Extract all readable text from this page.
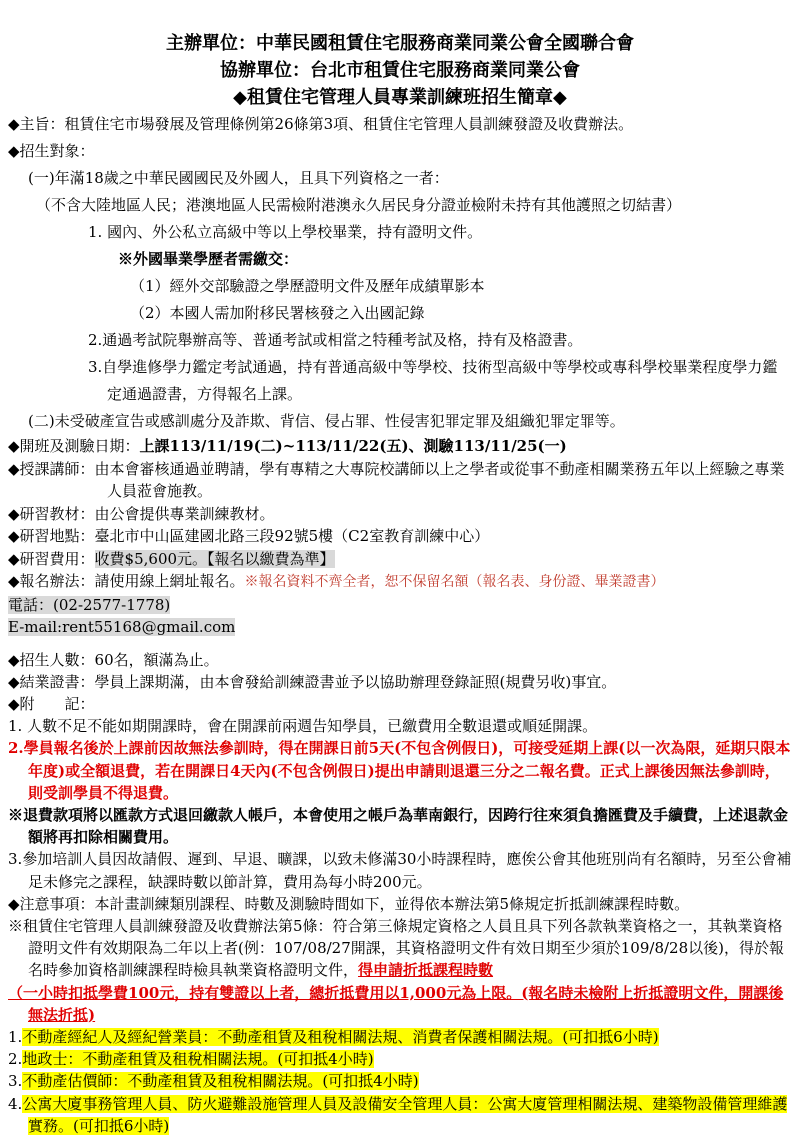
主辦單位：中華民國租賃住宅服務商業同業公會全國聯合會
協辦單位：台北市租賃住宅服務商業同業公會
◆租賃住宅管理人員專業訓練班招生簡章◆

◆主旨：租賃住宅市場發展及管理條例第26條第3項、租賃住宅管理人員訓練發證及收費辦法。

◆招生對象：

(一)年滿18歲之中華民國國民及外國人，且具下列資格之一者：

（不含大陸地區人民；港澳地區人民需檢附港澳永久居民身分證並檢附未持有其他護照之切結書）

1. 國內、外公私立高級中等以上學校畢業，持有證明文件。

※外國畢業學歷者需繳交：

（1）經外交部驗證之學歷證明文件及歷年成績單影本

（2）本國人需加附移民署核發之入出國記錄

2.通過考試院舉辦高等、普通考試或相當之特種考試及格，持有及格證書。

3.自學進修學力鑑定考試通過，持有普通高級中等學校、技術型高級中等學校或專科學校畢業程度學力鑑定通過證書，方得報名上課。

(二)未受破產宣告或感訓處分及詐欺、背信、侵占罪、性侵害犯罪定罪及組織犯罪定罪等。

◆開班及測驗日期：上課113/11/19(二)~113/11/22(五)、測驗113/11/25(一)

◆授課講師：由本會審核通過並聘請，學有專精之大專院校講師以上之學者或從事不動產相關業務五年以上經驗之專業人員蒞會施教。

◆研習教材：由公會提供專業訓練教材。

◆研習地點：臺北市中山區建國北路三段92號5樓（C2室教育訓練中心）

◆研習費用：收費$5,600元。【報名以繳費為準】

◆報名辦法：請使用線上網址報名。※報名資料不齊全者，恕不保留名額（報名表、身份證、畢業證書）

電話：(02-2577-1778)

E-mail:rent55168@gmail.com

◆招生人數：60名，額滿為止。

◆結業證書：學員上課期滿，由本會發給訓練證書並予以協助辦理登錄証照(規費另收)事宜。

◆附　　記：

1. 人數不足不能如期開課時，會在開課前兩週告知學員，已繳費用全數退還或順延開課。

2.學員報名後於上課前因故無法參訓時，得在開課日前5天(不包含例假日)，可接受延期上課(以一次為限，延期只限本年度)或全額退費，若在開課日4天內(不包含例假日)提出申請則退還三分之二報名費。正式上課後因無法參訓時，則受訓學員不得退費。

※退費款項將以匯款方式退回繳款人帳戶，本會使用之帳戶為華南銀行，因跨行往來須負擔匯費及手續費，上述退款金額將再扣除相關費用。

3.參加培訓人員因故請假、遲到、早退、曠課，以致未修滿30小時課程時，應俟公會其他班別尚有名額時，另至公會補足未修完之課程，缺課時數以節計算，費用為每小時200元。

◆注意事項：本計畫訓練類別課程、時數及測驗時間如下，並得依本辦法第5條規定折抵訓練課程時數。

※租賃住宅管理人員訓練發證及收費辦法第5條：符合第三條規定資格之人員且具下列各款執業資格之一，其執業資格證明文件有效期限為二年以上者(例：107/08/27開課，其資格證明文件有效日期至少須於109/8/28以後)，得於報名時參加資格訓練課程時檢具執業資格證明文件，得申請折抵課程時數

（一小時扣抵學費100元，持有雙證以上者，總折抵費用以1,000元為上限。(報名時未檢附上折抵證明文件，開課後無法折抵)

1.不動產經紀人及經紀營業員：不動產租賃及租稅相關法規、消費者保護相關法規。(可扣抵6小時)

2.地政士：不動產租賃及租稅相關法規。(可扣抵4小時)

3.不動產估價師：不動產租賃及租稅相關法規。(可扣抵4小時)

4.公寓大廈事務管理人員、防火避難設施管理人員及設備安全管理人員：公寓大廈管理相關法規、建築物設備管理維護實務。(可扣抵6小時)
